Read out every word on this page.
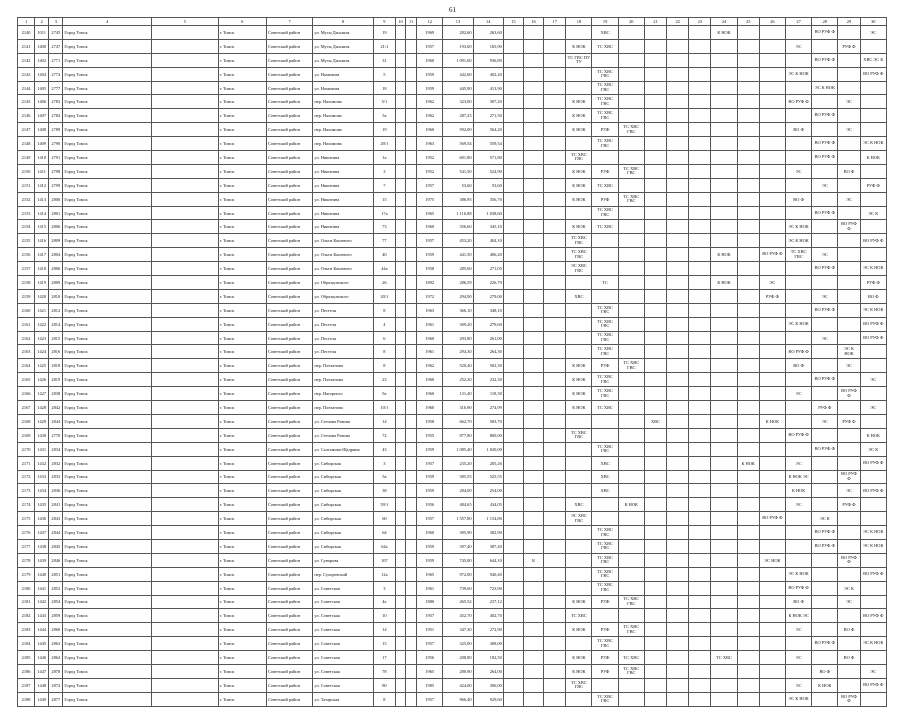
61
1	2	3	4	5	6	7	8	9	10	11	12	13	14	15	16	17	18	19	20	21	22	23	24	25	26	27	28	29	30
2140	1011	2745	Город Томск		г. Томск	Советский район	ул. Мусы Джалиля	19			1969	282,60	263,60					ХВС					К НОК				ВО РУФ Ф		ЭС
2141	1400	2747	Город Томск		г. Томск	Советский район	ул. Мусы Джалиля	21/1			1957	193,60	165,90				К НОК	ТС ХВС								ЭС		РУФ Ф	
2142	1402	2771	Город Томск		г. Томск	Советский район	ул. Мусы Джалиля	31			1960	1 091,60	936,80				ТС ГВС ПУ ТУ										ВО РУФ Ф		ХВС ЭС К
2143	1404	2774	Город Томск		г. Томск	Советский район	ул. Нахимова	5			1959	442,60	402,20					ТС ХВС ГВС								ЭС К НОК			ВО РУФ Ф
2144	1405	2777	Город Томск		г. Томск	Советский район	ул. Нахимова	18			1959	445,90	413,90					ТС ХВС ГВС									ЭС К НОК		
2145	1406	2783	Город Томск		г. Томск	Советский район	пер. Нахимова	5/1			1962	323,00	307,20				К НОК	ТС ХВС ГВС								ВО РУФ Ф		ЭС	
2146	1407	2784	Город Томск		г. Томск	Советский район	пер. Нахимова	5а			1962	287,25	271,50				К НОК	ТС ХВС ГВС									ВО РУФ Ф		
2147	1408	2789	Город Томск		г. Томск	Советский район	пер. Нахимова	19			1960	592,00	564,20				К НОК	РУФ	ТС ХВС ГВС							ВО Ф		ЭС	
2148	1409	2790	Город Томск		г. Томск	Советский район	пер. Нахимова	20/1			1963	569,54	559,34					ТС ХВС ГВС									ВО РУФ Ф		ЭС К НОК
2149	1410	2791	Город Томск		г. Томск	Советский район	ул. Никитина	1а			1952	601,80	571,80				ТС ХВС ГВС										ВО РУФ Ф		К НОК
2150	1411	2798	Город Томск		г. Томск	Советский район	ул. Никитина	3			1952	541,50	524,90				К НОК	РУФ	ТС ХВС ГВС							ЭС		ВО Ф	
2151	1412	2799	Город Томск		г. Томск	Советский район	ул. Никитина	7			1957	53,60	53,60				К НОК	ТС ХВС									ЭС		РУФ Ф
2152	1413	2800	Город Томск		г. Томск	Советский район	ул. Никитина	15			1975	386,95	356,70				К НОК	РУФ	ТС ХВС ГВС							ВО Ф		ЭС	
2153	1414	2801	Город Томск		г. Томск	Советский район	ул. Никитина	17а			1965	1 116,88	1 038,60					ТС ХВС ГВС									ВО РУФ Ф		ЭС К
2154	1415	2806	Город Томск		г. Томск	Советский район	ул. Никитина	73			1960	356,60	345,10				К НОК	ТС ХВС								ЭС К НОК		ВО РУФ Ф	
2155	1416	2809	Город Томск		г. Томск	Советский район	ул. Ольги Кошевого	77			1957	453,20	404,10				ТС ХВС ГВС									ЭС К НОК			ВО РУФ Ф
2156	1417	2804	Город Томск		г. Томск	Советский район	ул. Ольги Кошевого	40			1959	441,50	406,20				ТС ХВС ГВС						К НОК		ВО РУФ Ф	ТС ХВС ГВС	ЭС		
2157	1418	2806	Город Томск		г. Томск	Советский район	ул. Ольги Кошевого	44а			1958	285,60	271,05				ЭС ХВС ГВС										ВО РУФ Ф		ЭС К НОК
2158	1419	2809	Город Томск		г. Томск	Советский район	ул. Образцовского	26			1892	286,59	226,79					ТС					К НОК		ЭС				РУФ Ф
2159	1420	2810	Город Томск		г. Томск	Советский район	ул. Образцовского	20/1			1972	294,90	279,00				ХВС								РУФ Ф		ЭС		ВО Ф
2160	1421	2812	Город Томск		г. Томск	Советский район	ул. Пестеля	8			1963	366,10	348,10					ТС ХВС ГВС									ВО РУФ Ф		ЭС К НОК
2161	1422	2814	Город Томск		г. Томск	Советский район	ул. Пестеля	4			1961	309,20	279,60					ТС ХВС ГВС								ЭС К НОК			ВО РУФ Ф
2162	1423	2815	Город Томск		г. Томск	Советский район	ул. Пестеля	6			1960	293,80	261,00					ТС ХВС ГВС									ЭС		ВО РУФ Ф
2163	1424	2816	Город Томск		г. Томск	Советский район	ул. Пестеля	8			1961	294,30	264,30					ТС ХВС ГВС								ВО РУФ Ф		ЭС К НОК	
2164	1425	2818	Город Томск		г. Томск	Советский район	пер. Плеханова	8			1962	520,40	502,30				К НОК	РУФ	ТС ХВС ГВС							ВО Ф		ЭС	
2165	1426	2819	Город Томск		г. Томск	Советский район	пер. Плеханова	23			1960	252,30	232,30				К НОК	ТС ХВС ГВС									ВО РУФ Ф		ЭС
2166	1427	2838	Город Томск		г. Томск	Советский район	пер. Нагорного	9а			1960	131,40	118,30				К НОК	ТС ХВС ГВС								ЭС		ВО РУФ Ф	
2167	1428	2842	Город Томск		г. Томск	Советский район	пер. Плеханова	10/1			1960	316,90	274,99				К НОК	ТС ХВС									РУФ Ф		ЭС
2168	1429	2844	Город Томск		г. Томск	Советский район	ул. Степана Разина	14			1958	662,70	583,70							ХВС					К НОК		ЭС	РУФ Ф	
2169	1430	2770	Город Томск		г. Томск	Советский район	ул. Степана Разина	72			1955	877,80	800,00				ТС ХВС ГВС									ВО РУФ Ф			К НОК
2170	1431	2834	Город Томск		г. Томск	Советский район	ул. Салтыкова-Щедрина	43			1959	1 085,40	1 020,00					ТС ХВС ГВС									ВО РУФ Ф		ЭС К
2171	1432	2832	Город Томск		г. Томск	Советский район	ул. Сибирская	3			1957	235,20	205,26					ХВС						К НОК		ЭС			ВО РУФ Ф
2172	1433	2833	Город Томск		г. Томск	Советский район	ул. Сибирская	5а			1959	585,55	525,55					ХВС								К НОК ЭС		ВО РУФ Ф	
2173	1434	2836	Город Томск		г. Томск	Советский район	ул. Сибирская	38			1959	284,00	254,00					ХВС								К НОК		ЭС	ВО РУФ Ф
2174	1435	2841	Город Томск		г. Томск	Советский район	ул. Сибирская	59/1			1956	484,65	434,05				ХВС		К НОК							ЭС		РУФ Ф	
2175	1436	2843	Город Томск		г. Томск	Советский район	ул. Сибирская	60			1957	1 557,80	1 154,80				ЭС ХВС ГВС								ВО РУФ Ф		ЭС К		
2176	1437	2844	Город Томск		г. Томск	Советский район	ул. Сибирская	64			1960	395,90	382,90					ТС ХВС ГВС									ВО РУФ Ф		ЭС К НОК
2177	1438	2845	Город Томск		г. Томск	Советский район	ул. Сибирская	64а			1959	397,40	387,40					ТС ХВС ГВС									ВО РУФ Ф		ЭС К НОК
2178	1439	2846	Город Томск		г. Томск	Советский район	ул. Суворова	107			1959	745,00	644,10		К			ТС ХВС ГВС							ЭС НОК			ВО РУФ Ф	
2179	1440	2851	Город Томск		г. Томск	Советский район	пер. Сухоревский	12а			1965	972,00	940,40					ТС ХВС ГВС								ЭС К НОК			ВО РУФ Ф
2180	1441	2852	Город Томск		г. Томск	Советский район	ул. Советская	3			1961	739,60	723,90					ТС ХВС ГВС								ВО РУФ Ф		ЭС К	
2181	1442	2854	Город Томск		г. Томск	Советский район	ул. Советская	4а			1880	265,52	237,12				К НОК	РУФ	ТС ХВС ГВС							ВО Ф		ЭС	
2182	1443	2859	Город Томск		г. Томск	Советский район	ул. Советская	10			1957	452,70	402,70				ТС ХВС									К НОК ЭС			ВО РУФ Ф
2183	1444	2860	Город Томск		г. Томск	Советский район	ул. Советская	14			1951	347,30	272,90				К НОК	РУФ	ТС ХВС ГВС							ЭС		ВО Ф	
2184	1445	2863	Город Томск		г. Томск	Советский район	ул. Советская	15			1957	325,00	308,00					ТС ХВС ГВС									ВО РУФ Ф		ЭС К НОК
2185	1446	2864	Город Томск		г. Томск	Советский район	ул. Советская	17			1956	208,80	182,50				К НОК	РУФ	ТС ХВС				ТС ХВС			ЭС		ВО Ф	
2186	1447	2870	Город Томск		г. Томск	Советский район	ул. Советская	78			1965	280,90	264,00				К НОК	РУФ	ТС ХВС ГВС								ВО Ф		ЭС
2187	1448	2874	Город Томск		г. Томск	Советский район	ул. Советская	80			1985	424,00	396,00				ТС ХВС ГВС									ЭС	К НОК		ВО РУФ Ф
2188	1449	2877	Город Томск		г. Томск	Советский район	ул. Татарская	8			1957	966,40	929,60					ТС ХВС ГВС								ЭС К НОК		ВО РУФ Ф	
